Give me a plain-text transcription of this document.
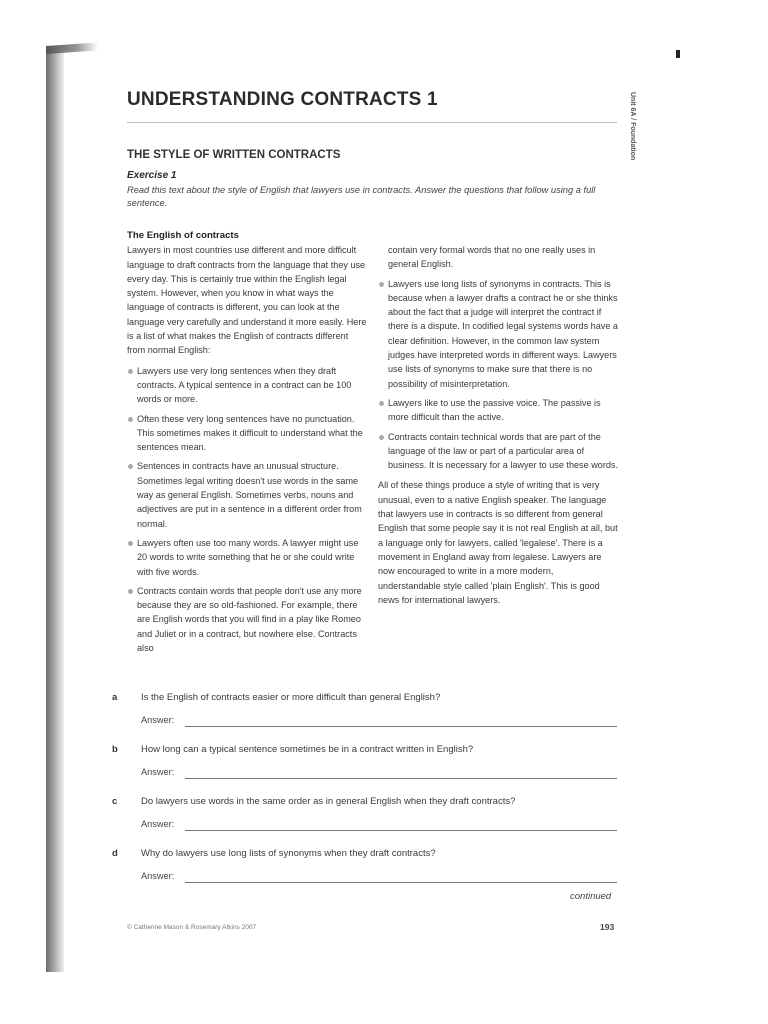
Unit 6A / Foundation
UNDERSTANDING CONTRACTS 1
THE STYLE OF WRITTEN CONTRACTS
Exercise 1
Read this text about the style of English that lawyers use in contracts. Answer the questions that follow using a full sentence.
The English of contracts

Lawyers in most countries use different and more difficult language to draft contracts from the language that they use every day. This is certainly true within the English legal system. However, when you know in what ways the language of contracts is different, you can look at the language very carefully and understand it more easily. Here is a list of what makes the English of contracts different from normal English:

Lawyers use very long sentences when they draft contracts. A typical sentence in a contract can be 100 words or more.
Often these very long sentences have no punctuation. This sometimes makes it difficult to understand what the sentences mean.
Sentences in contracts have an unusual structure. Sometimes legal writing doesn't use words in the same way as general English. Sometimes verbs, nouns and adjectives are put in a sentence in a different order from normal.
Lawyers often use too many words. A lawyer might use 20 words to write something that he or she could write with five words.
Contracts contain words that people don't use any more because they are so old-fashioned. For example, there are English words that you will find in a play like Romeo and Juliet or in a contract, but nowhere else. Contracts also
contain very formal words that no one really uses in general English.
Lawyers use long lists of synonyms in contracts. This is because when a lawyer drafts a contract he or she thinks about the fact that a judge will interpret the contract if there is a dispute. In codified legal systems words have a clear definition. However, in the common law system judges have interpreted words in different ways. Lawyers use lists of synonyms to make sure that there is no possibility of misinterpretation.
Lawyers like to use the passive voice. The passive is more difficult than the active.
Contracts contain technical words that are part of the language of the law or part of a particular area of business. It is necessary for a lawyer to use these words.

All of these things produce a style of writing that is very unusual, even to a native English speaker. The language that lawyers use in contracts is so different from general English that some people say it is not real English at all, but a language only for lawyers, called 'legalese'. There is a movement in England away from legalese. Lawyers are now encouraged to write in a more modern, understandable style called 'plain English'. This is good news for international lawyers.

a Is the English of contracts easier or more difficult than general English?
Answer:
b How long can a typical sentence sometimes be in a contract written in English?
Answer:
c Do lawyers use words in the same order as in general English when they draft contracts?
Answer:
d Why do lawyers use long lists of synonyms when they draft contracts?
Answer:
continued
© Catherine Mason & Rosemary Atkins 2007	193
